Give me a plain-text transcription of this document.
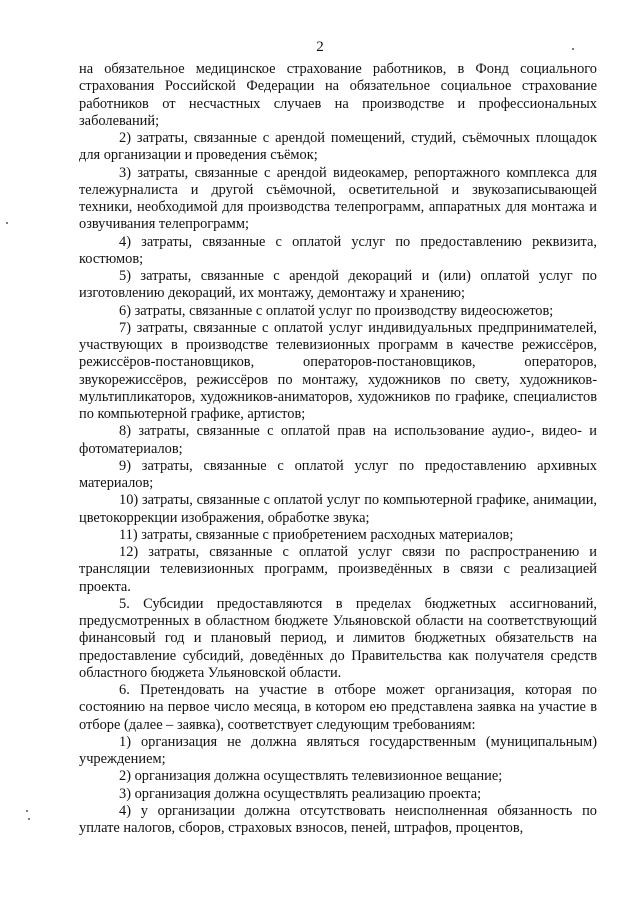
2

на обязательное медицинское страхование работников, в Фонд социального страхования Российской Федерации на обязательное социальное страхование работников от несчастных случаев на производстве и профессиональных заболеваний;

2) затраты, связанные с арендой помещений, студий, съёмочных площадок для организации и проведения съёмок;

3) затраты, связанные с арендой видеокамер, репортажного комплекса для тележурналиста и другой съёмочной, осветительной и звукозаписывающей техники, необходимой для производства телепрограмм, аппаратных для монтажа и озвучивания телепрограмм;

4) затраты, связанные с оплатой услуг по предоставлению реквизита, костюмов;

5) затраты, связанные с арендой декораций и (или) оплатой услуг по изготовлению декораций, их монтажу, демонтажу и хранению;

6) затраты, связанные с оплатой услуг по производству видеосюжетов;

7) затраты, связанные с оплатой услуг индивидуальных предпринимателей, участвующих в производстве телевизионных программ в качестве режиссёров, режиссёров-постановщиков, операторов-постановщиков, операторов, звукорежиссёров, режиссёров по монтажу, художников по свету, художников-мультипликаторов, художников-аниматоров, художников по графике, специалистов по компьютерной графике, артистов;

8) затраты, связанные с оплатой прав на использование аудио-, видео- и фотоматериалов;

9) затраты, связанные с оплатой услуг по предоставлению архивных материалов;

10) затраты, связанные с оплатой услуг по компьютерной графике, анимации, цветокоррекции изображения, обработке звука;

11) затраты, связанные с приобретением расходных материалов;

12) затраты, связанные с оплатой услуг связи по распространению и трансляции телевизионных программ, произведённых в связи с реализацией проекта.

5. Субсидии предоставляются в пределах бюджетных ассигнований, предусмотренных в областном бюджете Ульяновской области на соответствующий финансовый год и плановый период, и лимитов бюджетных обязательств на предоставление субсидий, доведённых до Правительства как получателя средств областного бюджета Ульяновской области.

6. Претендовать на участие в отборе может организация, которая по состоянию на первое число месяца, в котором ею представлена заявка на участие в отборе (далее – заявка), соответствует следующим требованиям:

1) организация не должна являться государственным (муниципальным) учреждением;

2) организация должна осуществлять телевизионное вещание;

3) организация должна осуществлять реализацию проекта;

4) у организации должна отсутствовать неисполненная обязанность по уплате налогов, сборов, страховых взносов, пеней, штрафов, процентов,
